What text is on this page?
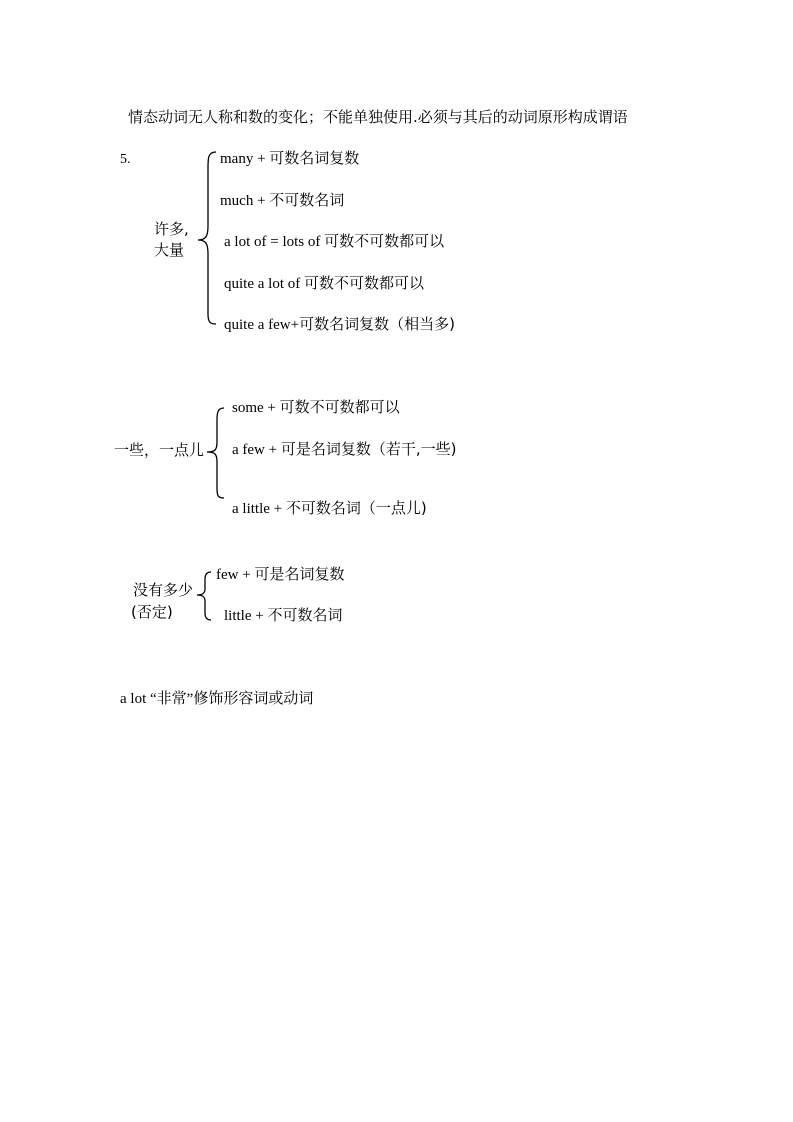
情态动词无人称和数的变化；不能单独使用.必须与其后的动词原形构成谓语
5.
许多,
大量
many + 可数名词复数
much + 不可数名词
a lot of = lots of 可数不可数都可以
quite a lot of 可数不可数都可以
quite a few+可数名词复数（相当多)
一些，一点儿
some + 可数不可数都可以
a few + 可是名词复数（若干,一些)
a little + 不可数名词（一点儿)
没有多少
(否定)
few + 可是名词复数
little + 不可数名词
a lot “非常”修饰形容词或动词
